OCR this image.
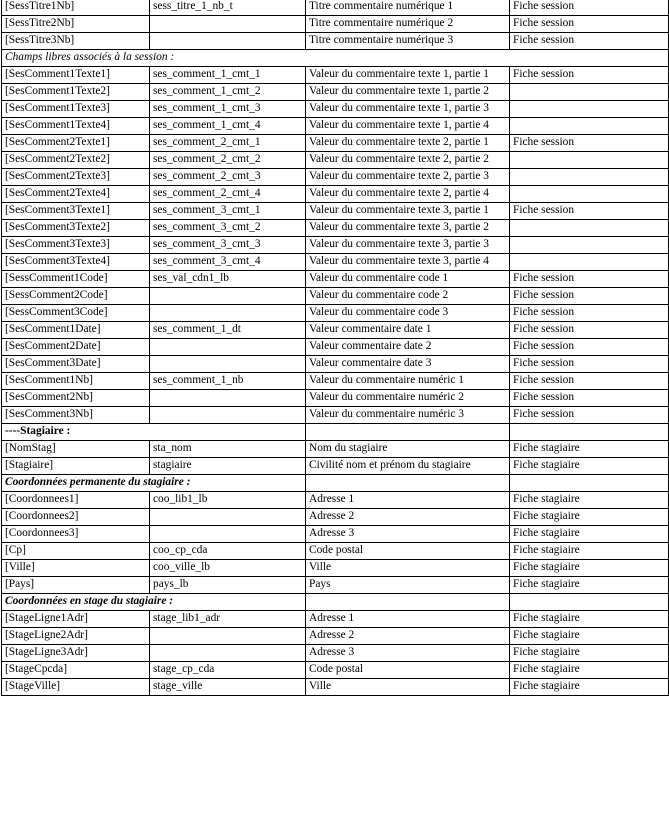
[SessTitre1Nb]	sess_titre_1_nb_t	Titre commentaire numérique 1	Fiche session
[SessTitre2Nb]		Titre commentaire numérique 2	Fiche session
[SessTitre3Nb]		Titre commentaire numérique 3	Fiche session
Champs libres associés à la session :			
[SesComment1Texte1]	ses_comment_1_cmt_1	Valeur du commentaire texte 1, partie 1	Fiche session
[SesComment1Texte2]	ses_comment_1_cmt_2	Valeur du commentaire texte 1, partie 2	
[SesComment1Texte3]	ses_comment_1_cmt_3	Valeur du commentaire texte 1, partie 3	
[SesComment1Texte4]	ses_comment_1_cmt_4	Valeur du commentaire texte 1, partie 4	
[SesComment2Texte1]	ses_comment_2_cmt_1	Valeur du commentaire texte 2, partie 1	Fiche session
[SesComment2Texte2]	ses_comment_2_cmt_2	Valeur du commentaire texte 2, partie 2	
[SesComment2Texte3]	ses_comment_2_cmt_3	Valeur du commentaire texte 2, partie 3	
[SesComment2Texte4]	ses_comment_2_cmt_4	Valeur du commentaire texte 2, partie 4	
[SesComment3Texte1]	ses_comment_3_cmt_1	Valeur du commentaire texte 3, partie 1	Fiche session
[SesComment3Texte2]	ses_comment_3_cmt_2	Valeur du commentaire texte 3, partie 2	
[SesComment3Texte3]	ses_comment_3_cmt_3	Valeur du commentaire texte 3, partie 3	
[SesComment3Texte4]	ses_comment_3_cmt_4	Valeur du commentaire texte 3, partie 4	
[SessComment1Code]	ses_val_cdn1_lb	Valeur du commentaire code 1	Fiche session
[SessComment2Code]		Valeur du commentaire code 2	Fiche session
[SessComment3Code]		Valeur du commentaire code 3	Fiche session
[SesComment1Date]	ses_comment_1_dt	Valeur commentaire date 1	Fiche session
[SesComment2Date]		Valeur commentaire date 2	Fiche session
[SesComment3Date]		Valeur commentaire date 3	Fiche session
[SesComment1Nb]	ses_comment_1_nb	Valeur du commentaire numéric 1	Fiche session
[SesComment2Nb]		Valeur du commentaire numéric 2	Fiche session
[SesComment3Nb]		Valeur du commentaire numéric 3	Fiche session
----Stagiaire :			
[NomStag]	sta_nom	Nom du stagiaire	Fiche stagiaire
[Stagiaire]	stagiaire	Civilité nom et prénom du stagiaire	Fiche stagiaire
Coordonnées permanente du stagiaire :			
[Coordonnees1]	coo_lib1_lb	Adresse 1	Fiche stagiaire
[Coordonnees2]		Adresse 2	Fiche stagiaire
[Coordonnees3]		Adresse 3	Fiche stagiaire
[Cp]	coo_cp_cda	Code postal	Fiche stagiaire
[Ville]	coo_ville_lb	Ville	Fiche stagiaire
[Pays]	pays_lb	Pays	Fiche stagiaire
Coordonnées en stage du stagiaire :			
[StageLigne1Adr]	stage_lib1_adr	Adresse 1	Fiche stagiaire
[StageLigne2Adr]		Adresse 2	Fiche stagiaire
[StageLigne3Adr]		Adresse 3	Fiche stagiaire
[StageCpcda]	stage_cp_cda	Code postal	Fiche stagiaire
[StageVille]	stage_ville	Ville	Fiche stagiaire
